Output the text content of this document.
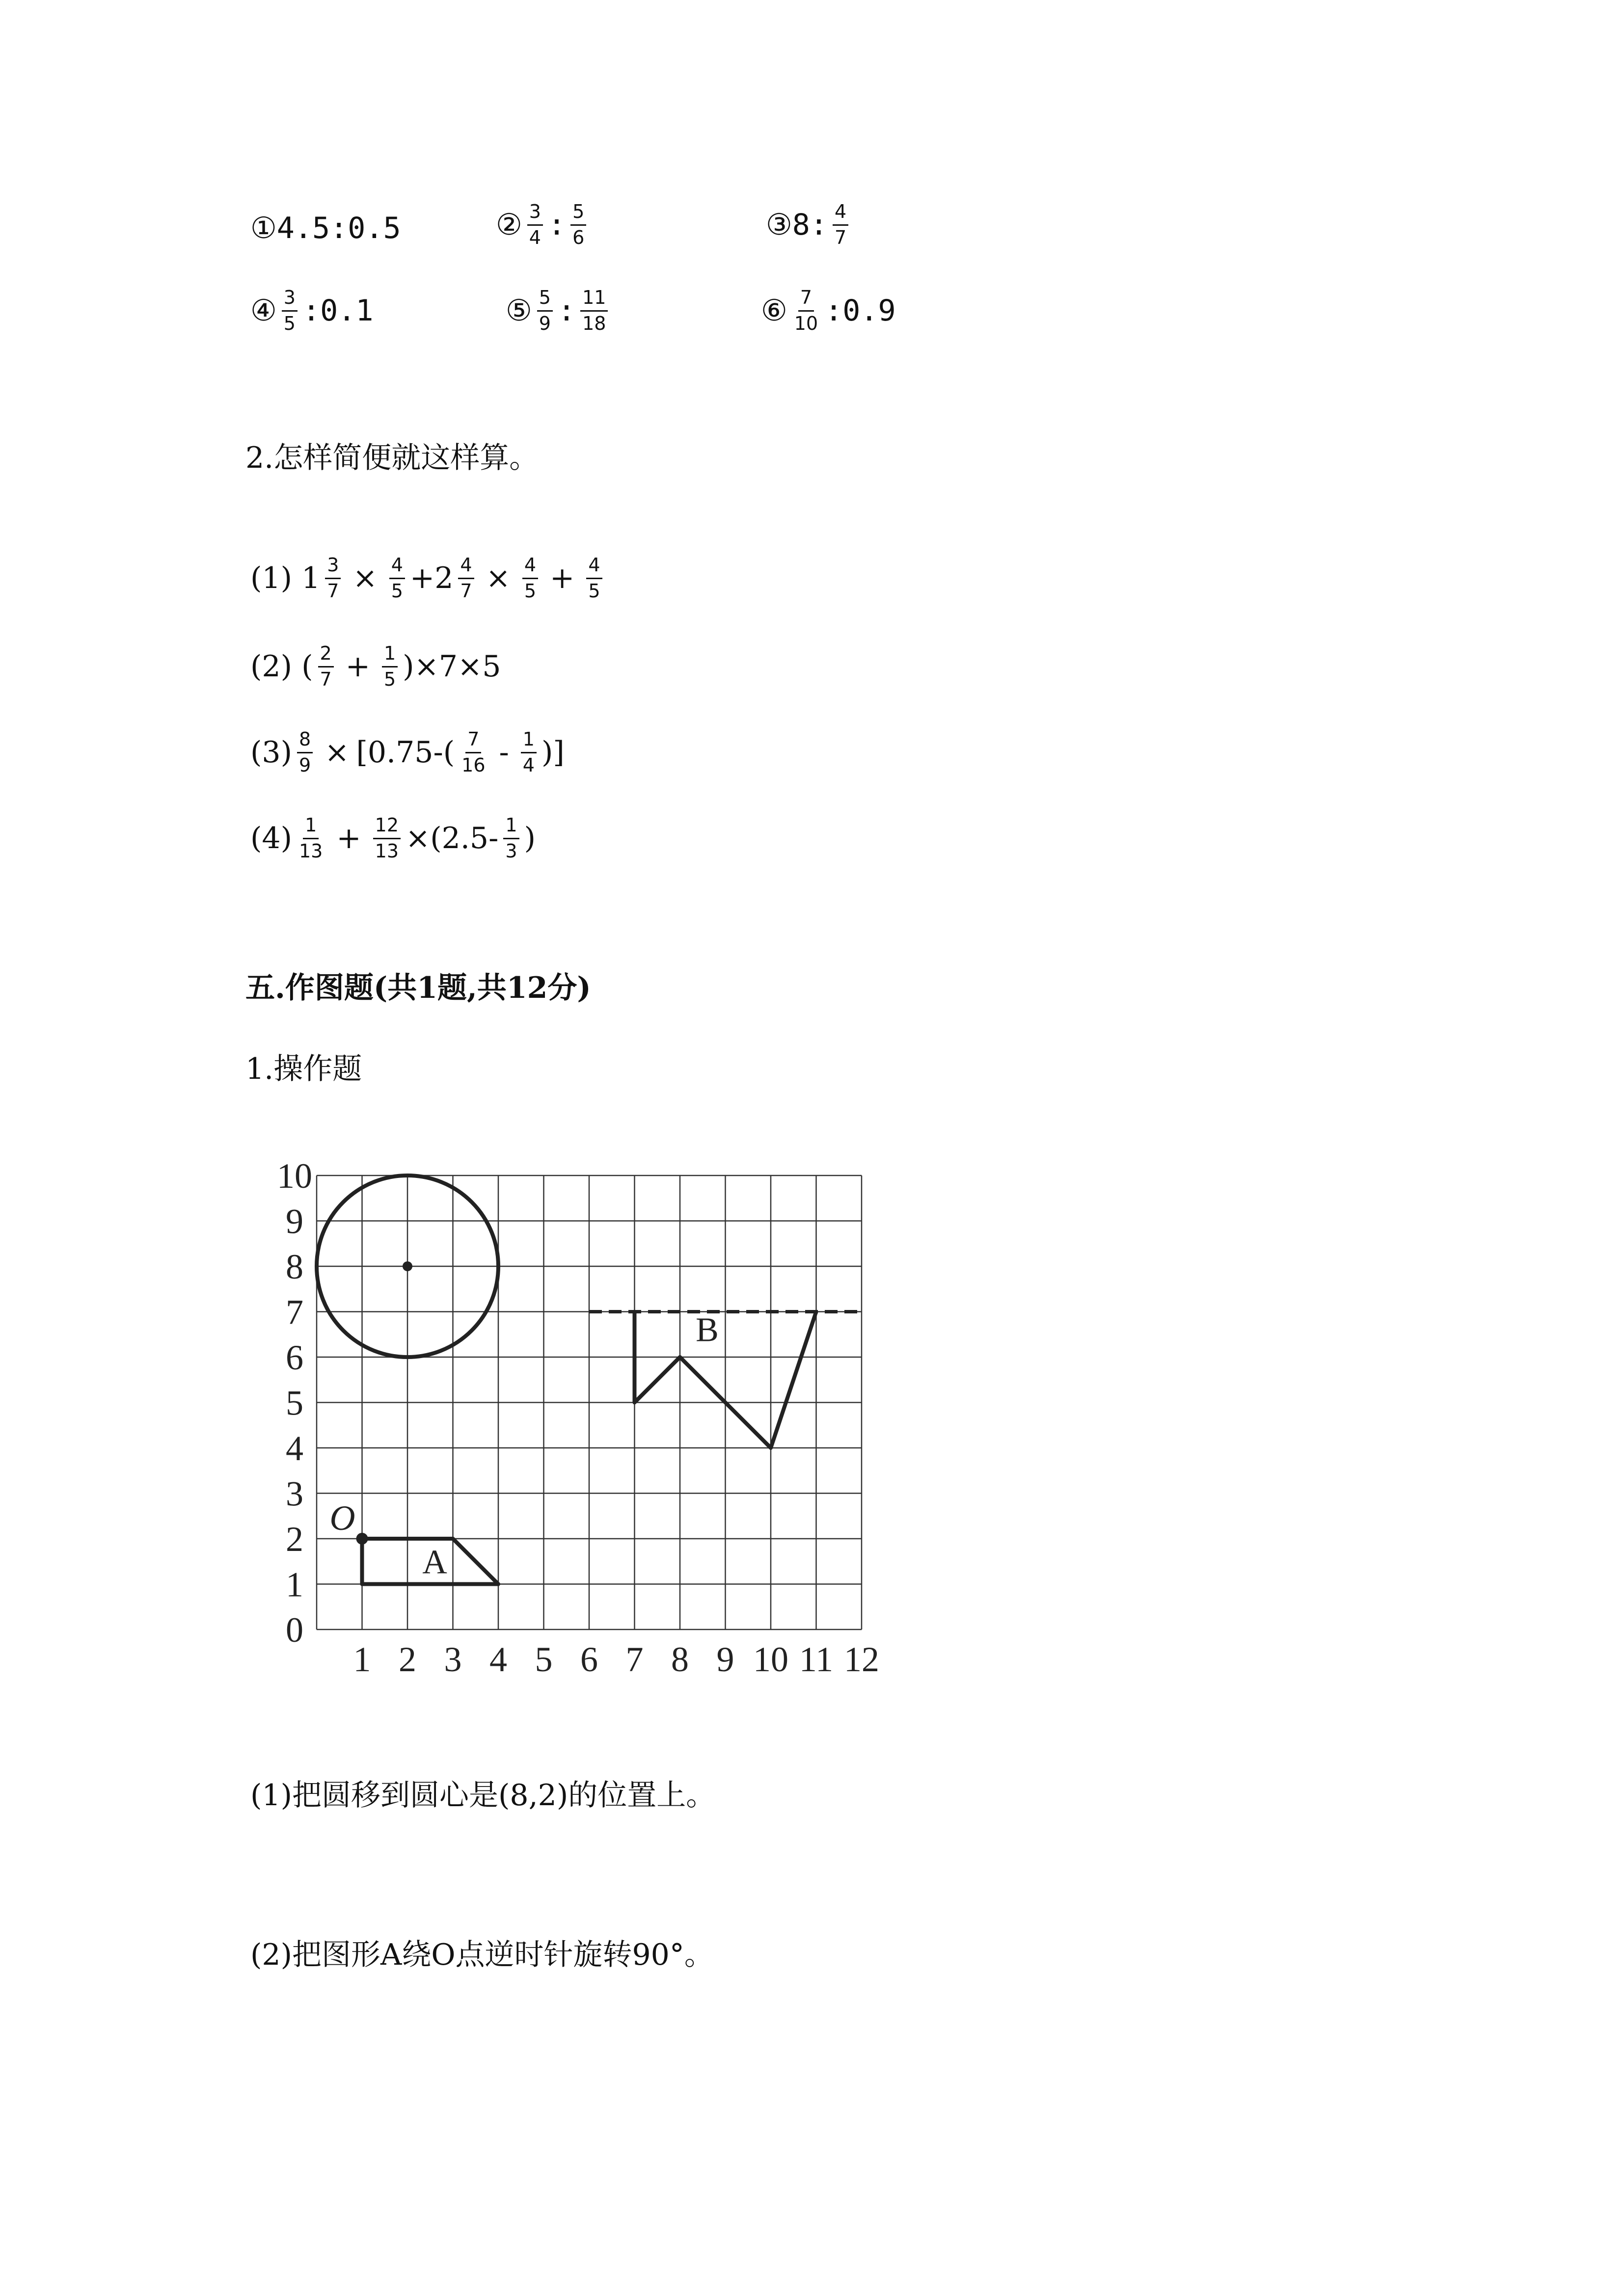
①4.5:0.5	② $\frac{3}{4}$ : $\frac{5}{6}$	③8: $\frac{4}{7}$
④ $\frac{3}{5}$ :0.1	⑤ $\frac{5}{9}$ : $\frac{11}{18}$	⑥ $\frac{7}{10}$ :0.9
2.怎样简便就这样算。
(1)
$1 \frac{3}{7} \times \frac{4}{5} +2 \frac{4}{7} \times \frac{4}{5} + \frac{4}{5}$
(2)
( $\frac{2}{7} + \frac{1}{5} )\times 7\times 5$
$(3) \frac{8}{9} \times [0.75-( \frac{7}{16} - \frac{1}{4}$ )]
$(4) \frac{1}{13} + \frac{12}{13} \times(2.5- \frac{1}{3}$ )
五.作图题(共1题,共12分)
1.操作题
1 2 3 4 5 6 7 8 9 10 11 12
0
1
2
3
4
5
6
7
8
9
10
A
O
B
(1)把圆移到圆心是(8,2)的位置上。
(2)把图形A绕O点逆时针旋转90°。
